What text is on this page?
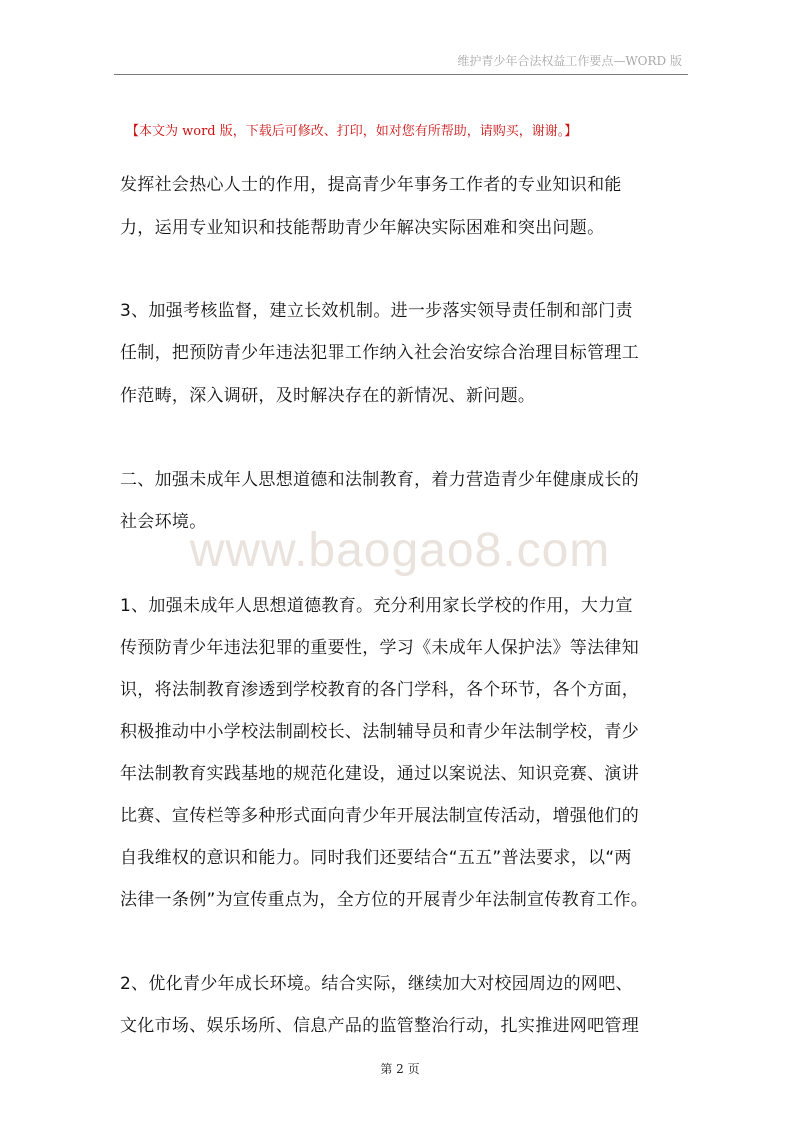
维护青少年合法权益工作要点—WORD 版
【本文为 word 版，下载后可修改、打印，如对您有所帮助，请购买，谢谢。】
www.baogao8.com
发挥社会热心人士的作用，提高青少年事务工作者的专业知识和能
力，运用专业知识和技能帮助青少年解决实际困难和突出问题。
3、加强考核监督，建立长效机制。进一步落实领导责任制和部门责
任制，把预防青少年违法犯罪工作纳入社会治安综合治理目标管理工
作范畴，深入调研，及时解决存在的新情况、新问题。
二、加强未成年人思想道德和法制教育，着力营造青少年健康成长的
社会环境。
1、加强未成年人思想道德教育。充分利用家长学校的作用，大力宣
传预防青少年违法犯罪的重要性，学习《未成年人保护法》等法律知
识，将法制教育渗透到学校教育的各门学科，各个环节，各个方面，
积极推动中小学校法制副校长、法制辅导员和青少年法制学校，青少
年法制教育实践基地的规范化建设，通过以案说法、知识竞赛、演讲
比赛、宣传栏等多种形式面向青少年开展法制宣传活动，增强他们的
自我维权的意识和能力。同时我们还要结合“五五”普法要求，以“两
法律一条例”为宣传重点为，全方位的开展青少年法制宣传教育工作。
2、优化青少年成长环境。结合实际，继续加大对校园周边的网吧、
文化市场、娱乐场所、信息产品的监管整治行动，扎实推进网吧管理
第 2 页
